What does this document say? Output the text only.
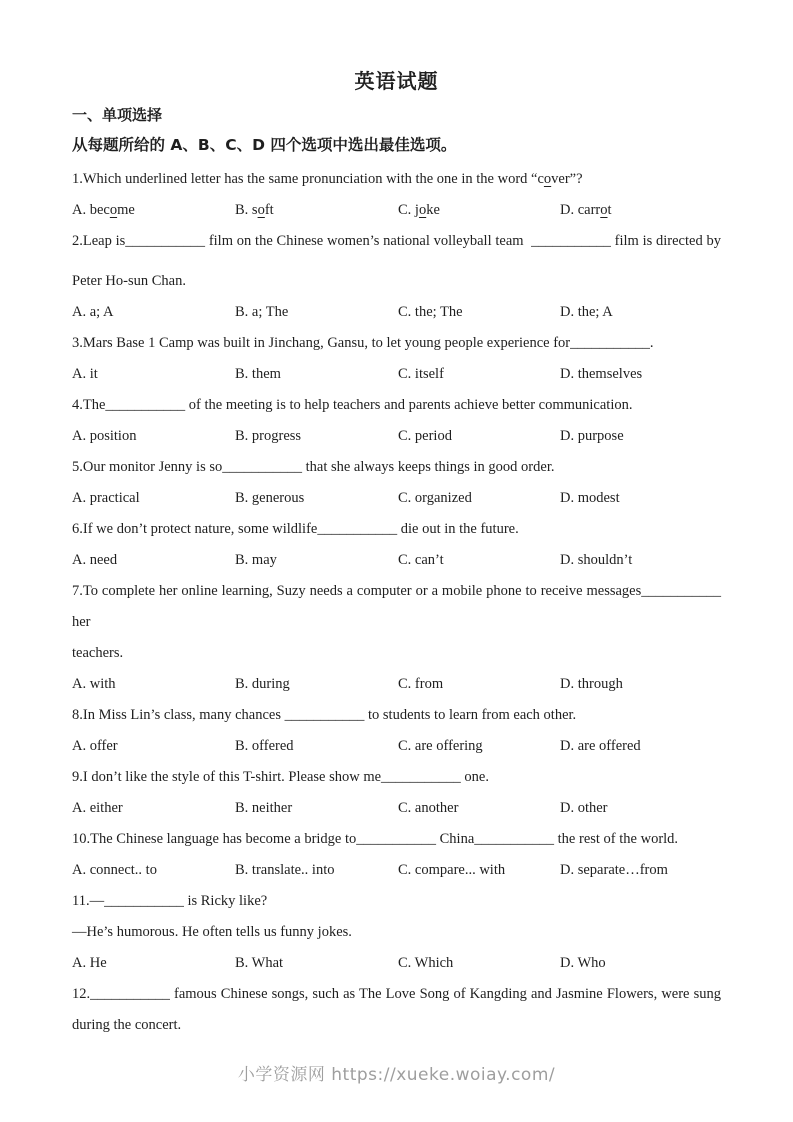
英语试题
一、单项选择
从每题所给的 A、B、C、D 四个选项中选出最佳选项。
1.Which underlined letter has the same pronunciation with the one in the word “cover”?
A. become	B. soft	C. joke	D. carrot
2.Leap is___________ film on the Chinese women’s national volleyball team  ___________ film is directed by
Peter Ho-sun Chan.
A. a; A	B. a; The	C. the; The	D. the; A
3.Mars Base 1 Camp was built in Jinchang, Gansu, to let young people experience for___________.
A. it	B. them	C. itself	D. themselves
4.The___________ of the meeting is to help teachers and parents achieve better communication.
A. position	B. progress	C. period	D. purpose
5.Our monitor Jenny is so___________ that she always keeps things in good order.
A. practical	B. generous	C. organized	D. modest
6.If we don’t protect nature, some wildlife___________ die out in the future.
A. need	B. may	C. can’t	D. shouldn’t
7.To complete her online learning, Suzy needs a computer or a mobile phone to receive messages___________ her
teachers.
A. with	B. during	C. from	D. through
8.In Miss Lin’s class, many chances ___________ to students to learn from each other.
A. offer	B. offered	C. are offering	D. are offered
9.I don’t like the style of this T-shirt. Please show me___________ one.
A. either	B. neither	C. another	D. other
10.The Chinese language has become a bridge to___________ China___________ the rest of the world.
A. connect.. to	B. translate.. into	C. compare... with	D. separate…from
11.—___________ is Ricky like?
—He’s humorous. He often tells us funny jokes.
A. He	B. What	C. Which	D. Who
12.___________ famous Chinese songs, such as The Love Song of Kangding and Jasmine Flowers, were sung
during the concert.
小学资源网 https://xueke.woiay.com/
